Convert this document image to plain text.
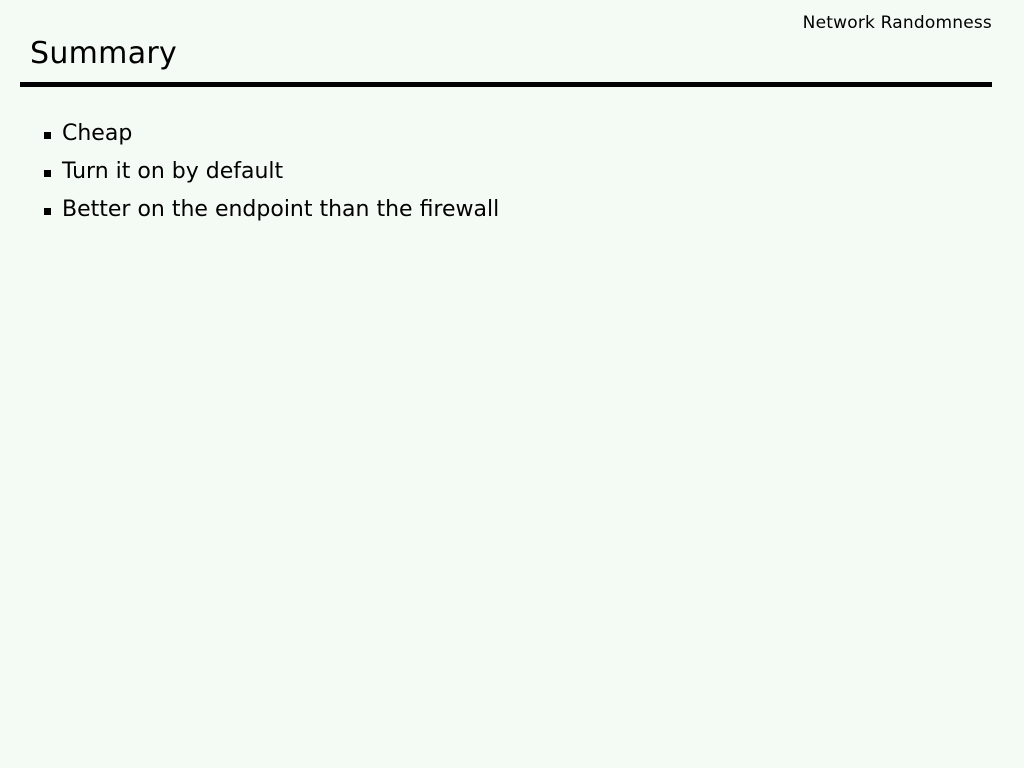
Network Randomness
Summary
Cheap
Turn it on by default
Better on the endpoint than the firewall
